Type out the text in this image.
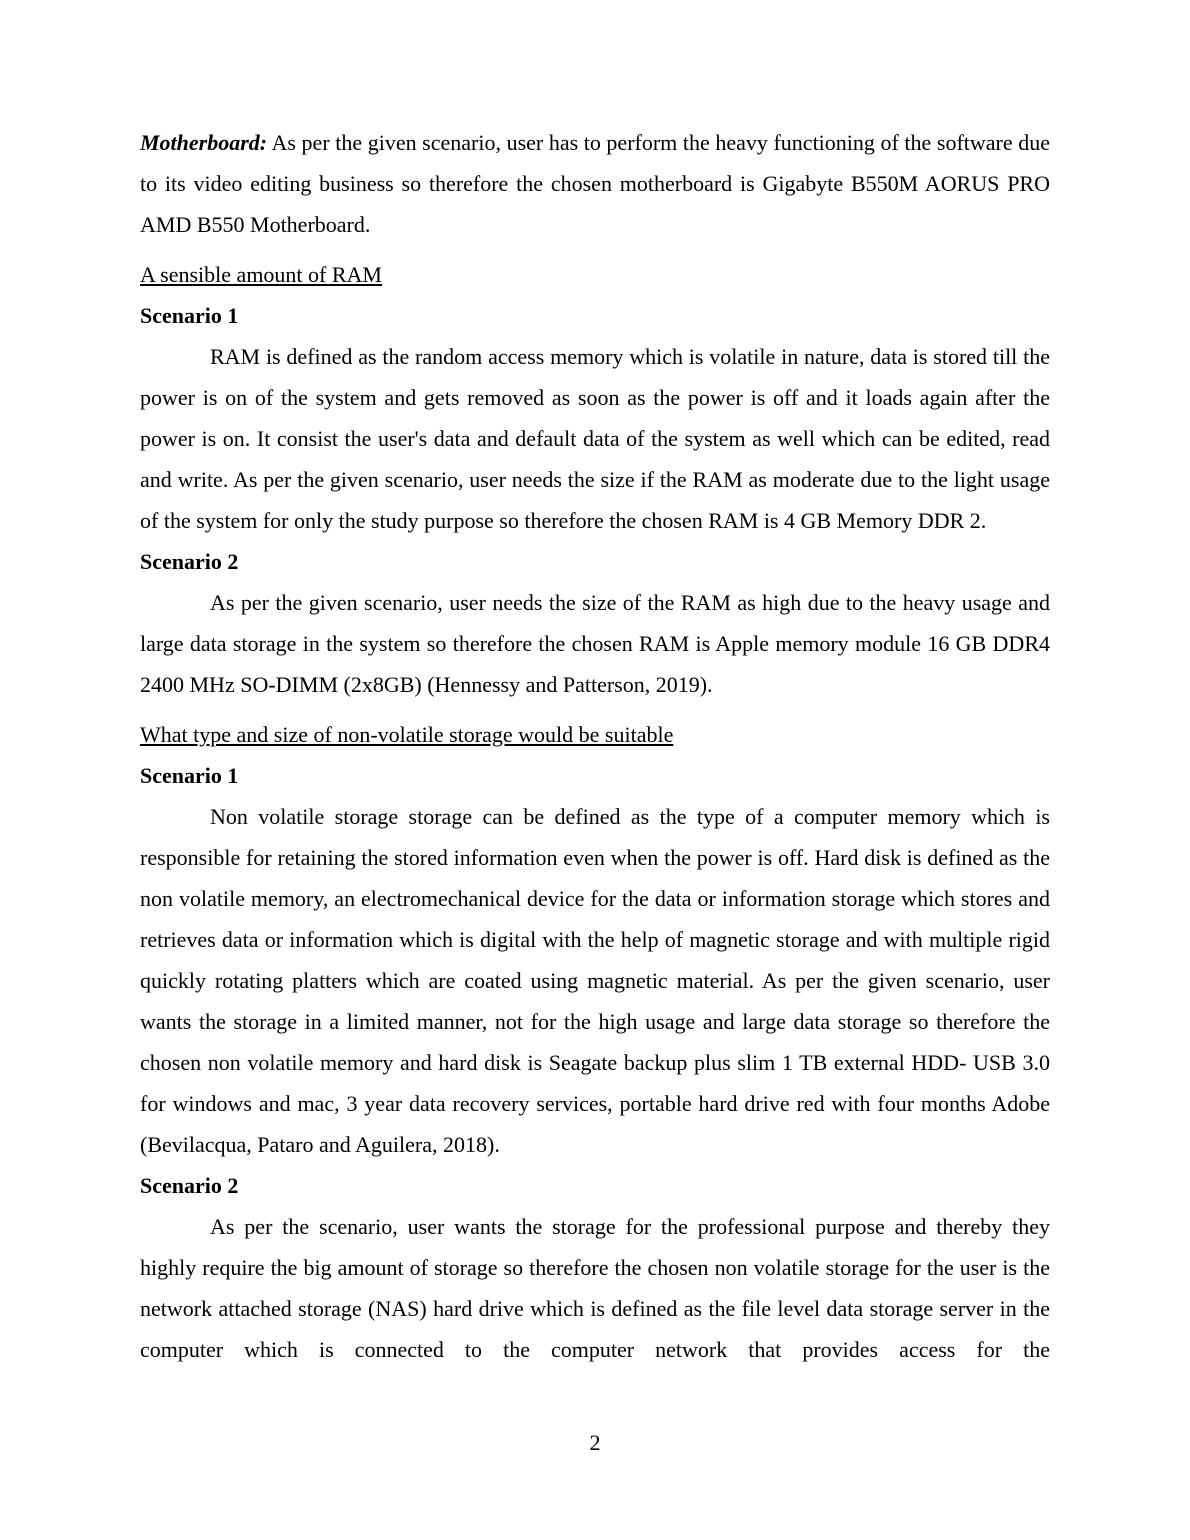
Motherboard: As per the given scenario, user has to perform the heavy functioning of the software due to its video editing business so therefore the chosen motherboard is Gigabyte B550M AORUS PRO AMD B550 Motherboard.

A sensible amount of RAM

Scenario 1

RAM is defined as the random access memory which is volatile in nature, data is stored till the power is on of the system and gets removed as soon as the power is off and it loads again after the power is on. It consist the user's data and default data of the system as well which can be edited, read and write. As per the given scenario, user needs the size if the RAM as moderate due to the light usage of the system for only the study purpose so therefore the chosen RAM is 4 GB Memory DDR 2.

Scenario 2

As per the given scenario, user needs the size of the RAM as high due to the heavy usage and large data storage in the system so therefore the chosen RAM is Apple memory module 16 GB DDR4 2400 MHz SO-DIMM (2x8GB) (Hennessy and Patterson, 2019).

What type and size of non-volatile storage would be suitable

Scenario 1

Non volatile storage storage can be defined as the type of a computer memory which is responsible for retaining the stored information even when the power is off. Hard disk is defined as the non volatile memory, an electromechanical device for the data or information storage which stores and retrieves data or information which is digital with the help of magnetic storage and with multiple rigid quickly rotating platters which are coated using magnetic material. As per the given scenario, user wants the storage in a limited manner, not for the high usage and large data storage so therefore the chosen non volatile memory and hard disk is Seagate backup plus slim 1 TB external HDD- USB 3.0 for windows and mac, 3 year data recovery services, portable hard drive red with four months Adobe (Bevilacqua, Pataro and Aguilera, 2018).

Scenario 2

As per the scenario, user wants the storage for the professional purpose and thereby they highly require the big amount of storage so therefore the chosen non volatile storage for the user is the network attached storage (NAS) hard drive which is defined as the file level data storage server in the computer which is connected to the computer network that provides access for the

2
